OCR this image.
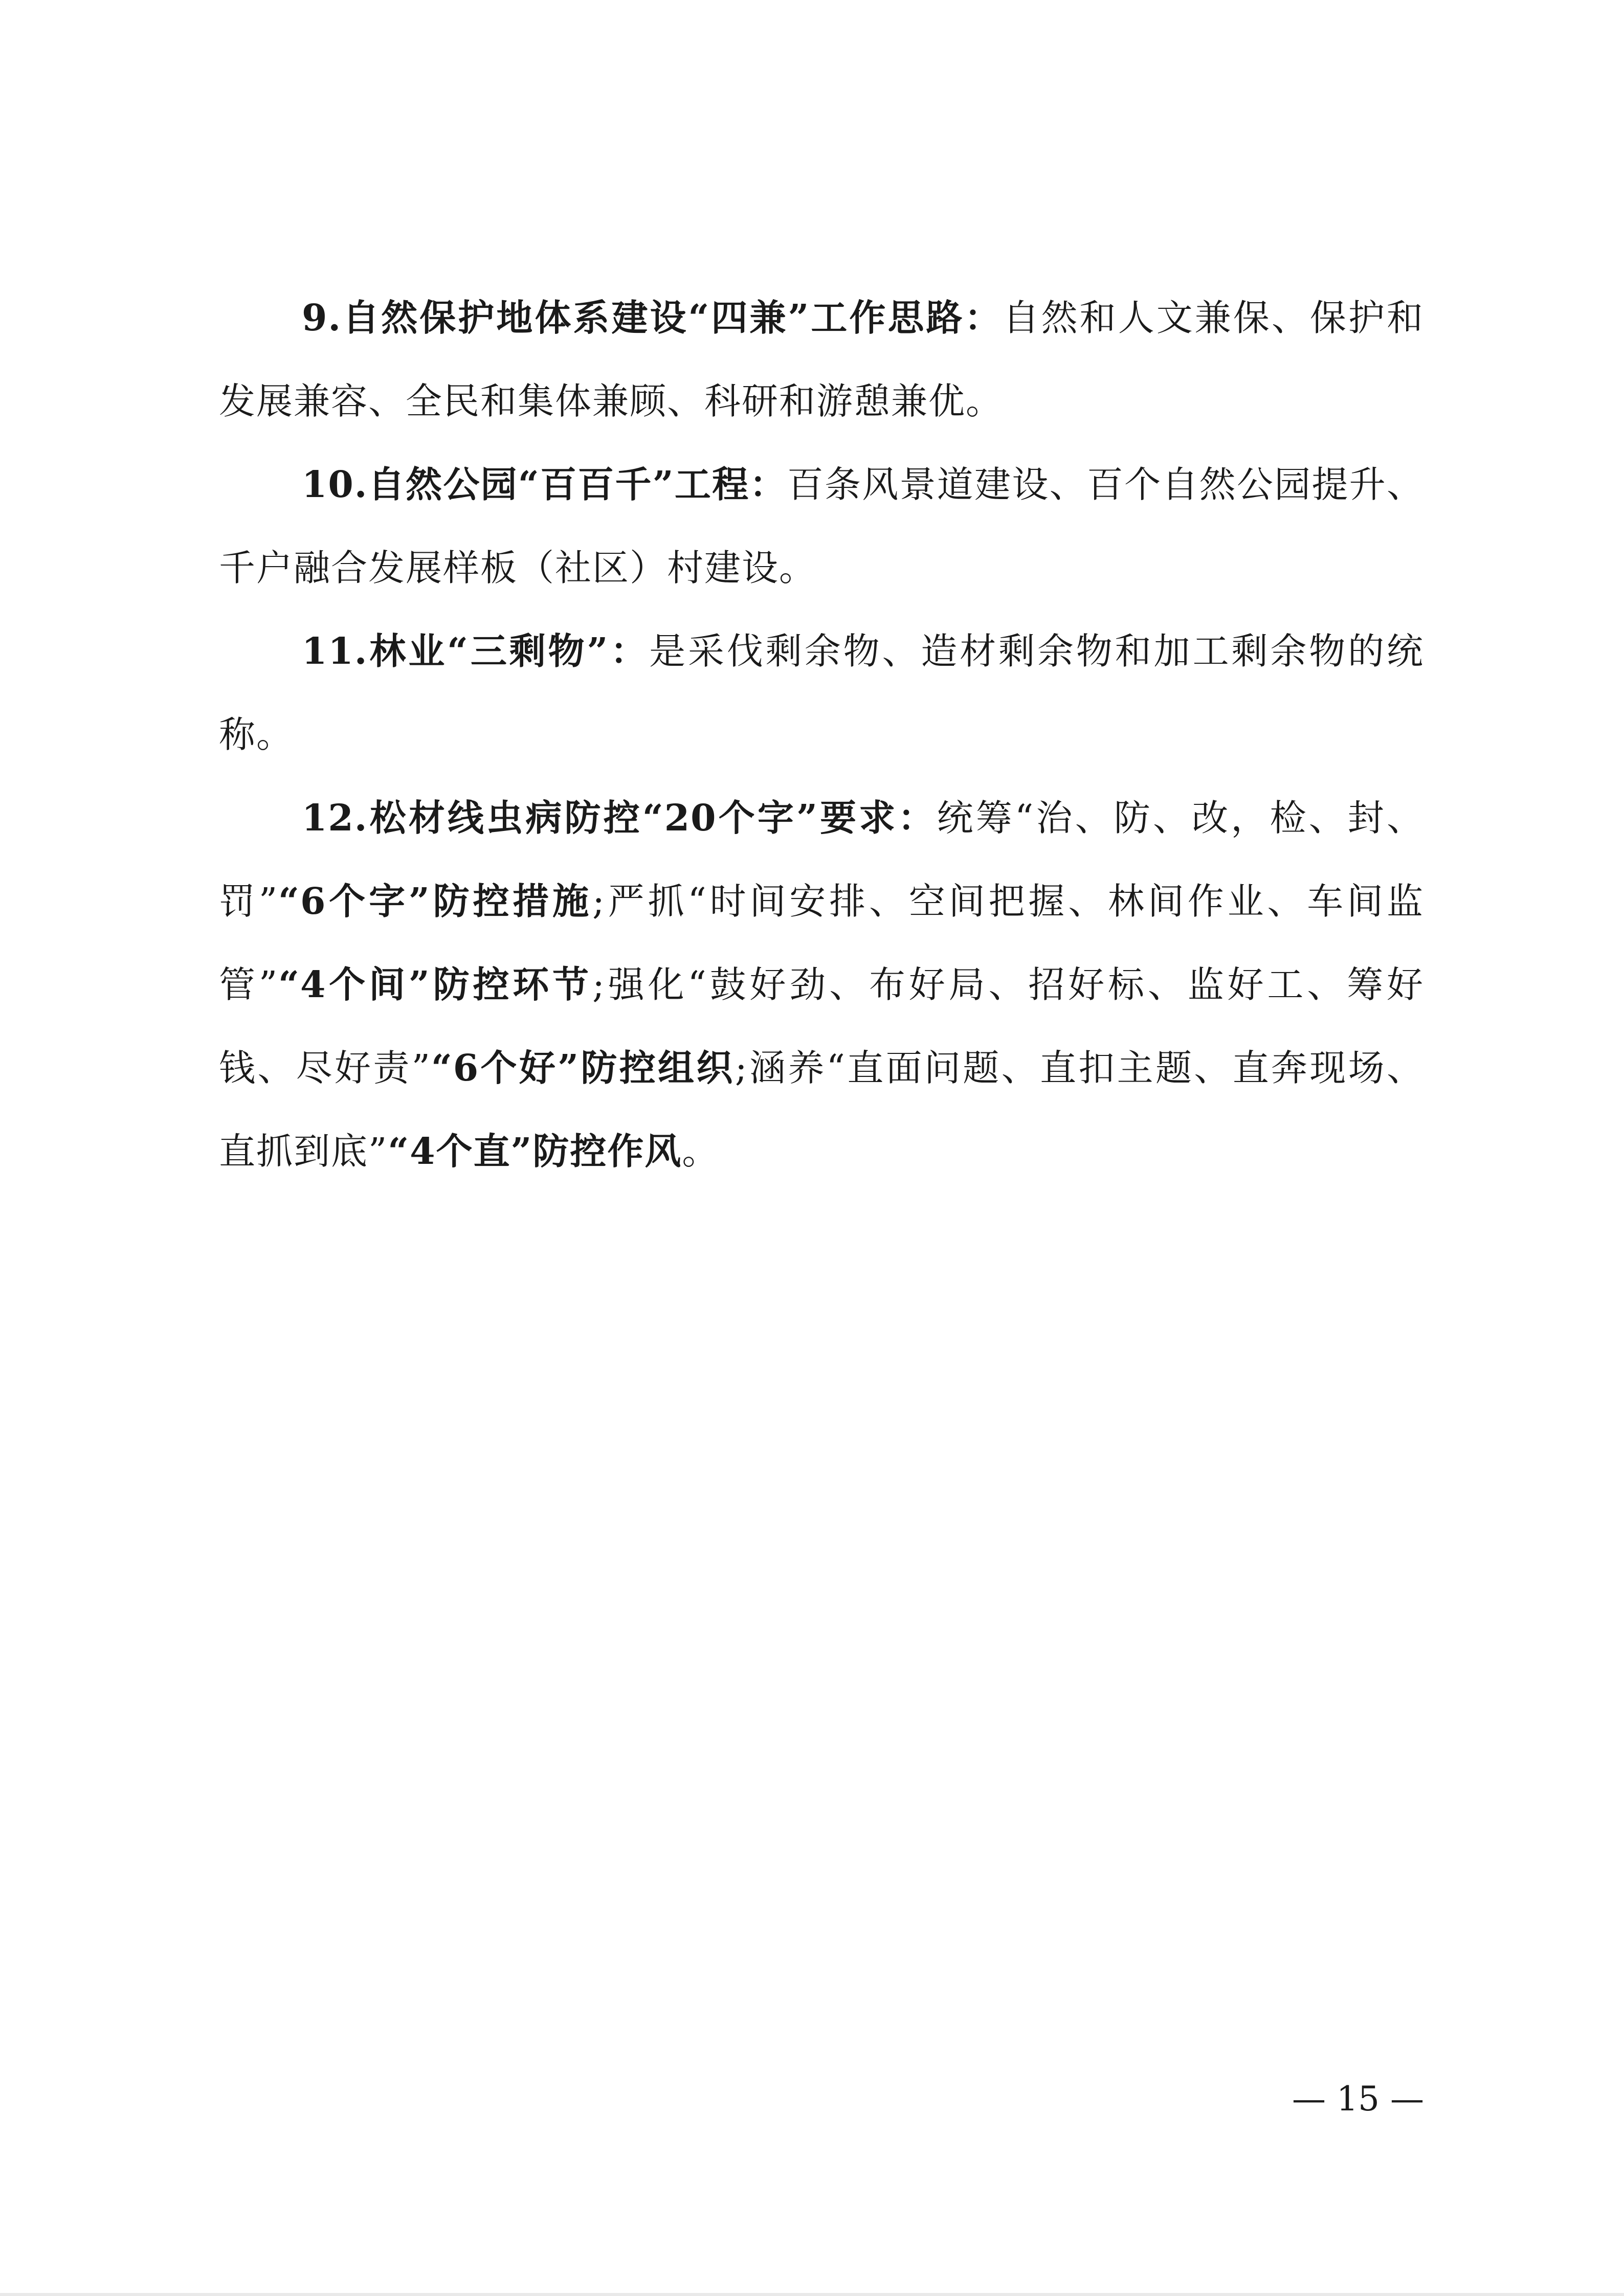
9.自然保护地体系建设“四兼”工作思路：自然和人文兼保、保护和发展兼容、全民和集体兼顾、科研和游憩兼优。

10.自然公园“百百千”工程：百条风景道建设、百个自然公园提升、千户融合发展样板（社区）村建设。

11.林业“三剩物”：是采伐剩余物、造材剩余物和加工剩余物的统称。

12.松材线虫病防控“20个字”要求：统筹“治、防、改，检、封、罚”“6个字”防控措施;严抓“时间安排、空间把握、林间作业、车间监管”“4个间”防控环节;强化“鼓好劲、布好局、招好标、监好工、筹好钱、尽好责”“6个好”防控组织;涵养“直面问题、直扣主题、直奔现场、直抓到底”“4个直”防控作风。

— 15 —
